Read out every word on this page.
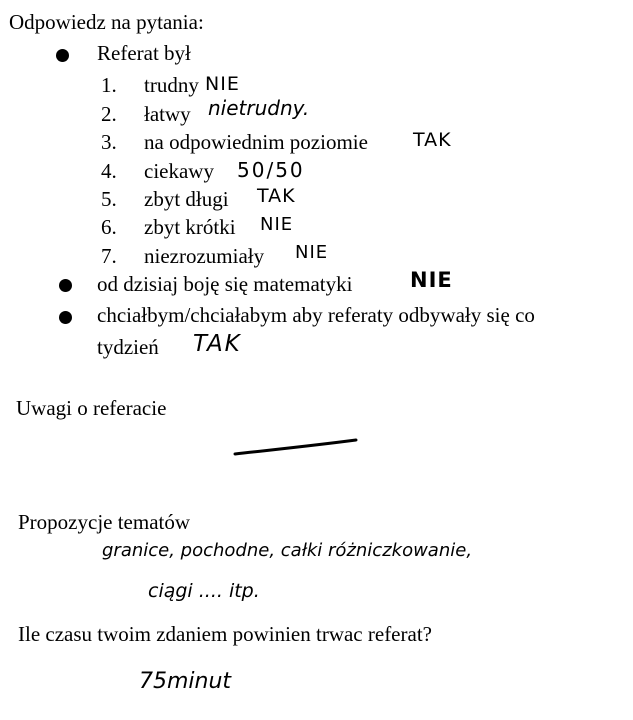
Odpowiedz na pytania:
Referat był
1. trudny NIE
2. łatwy nietrudny.
3. na odpowiednim poziomie TAK
4. ciekawy 50/50
5. zbyt długi TAK
6. zbyt krótki NIE
7. niezrozumiały NIE
od dzisiaj boję się matematyki	NIE
chciałbym/chciałabym aby referaty odbywały się co
tydzień TAK
Uwagi o referacie
Propozycje tematów
granice, pochodne, całki różniczkowanie,
ciągi .... itp.
Ile czasu twoim zdaniem powinien trwac referat?
75minut
